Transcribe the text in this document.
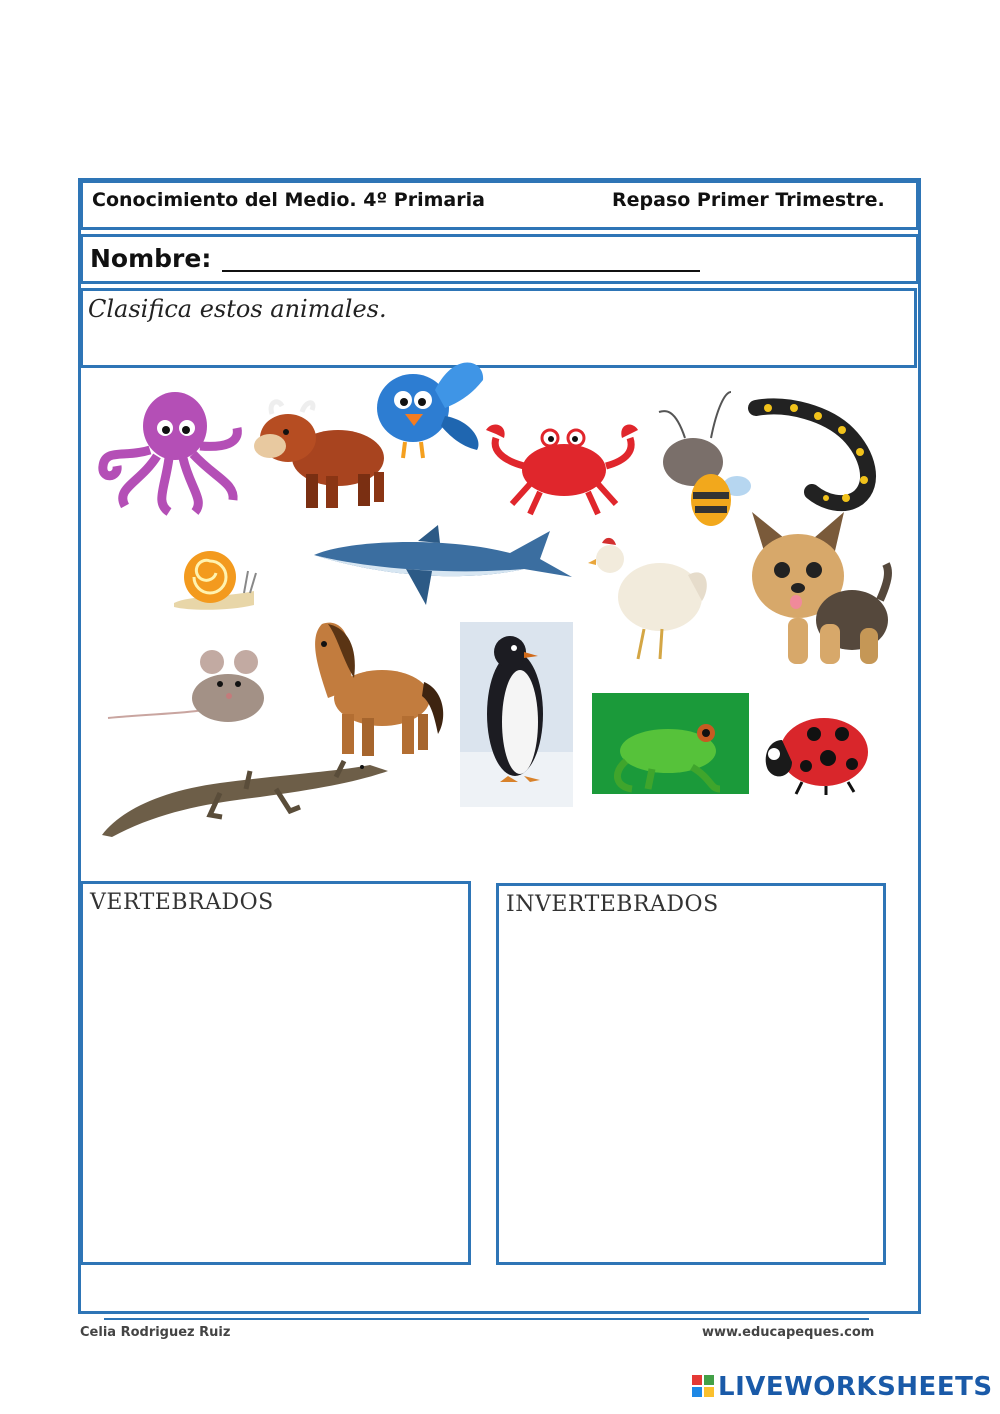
Conocimiento del Medio. 4º Primaria	Repaso Primer Trimestre.
Nombre:
Clasifica estos animales.
VERTEBRADOS	INVERTEBRADOS
Celia Rodriguez Ruiz	www.educapeques.com
LIVEWORKSHEETS
